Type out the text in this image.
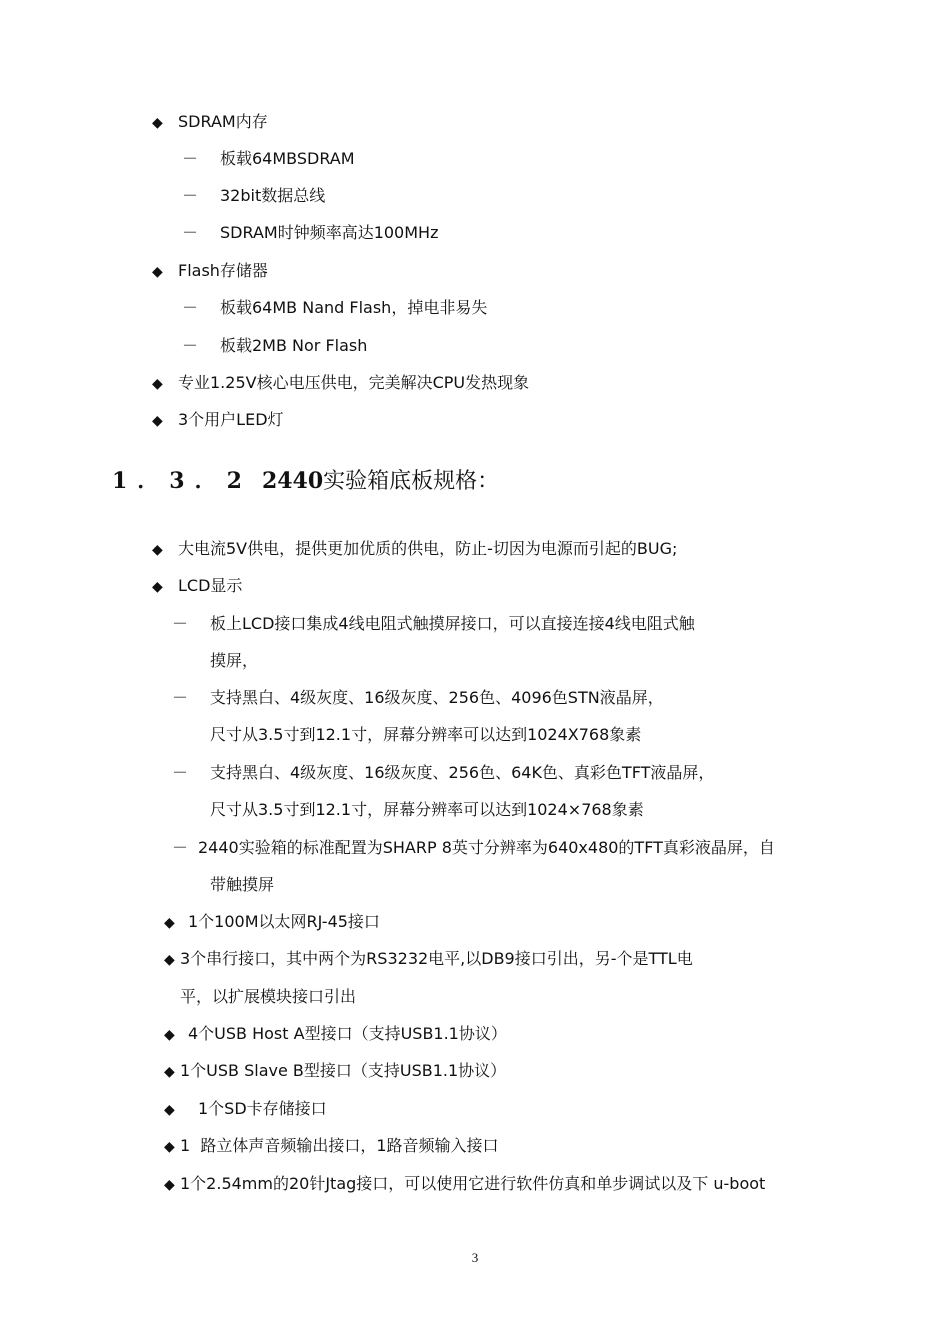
◆ SDRAM内存
－ 板载64MBSDRAM
－ 32bit数据总线
－ SDRAM时钟频率高达100MHz
◆ Flash存储器
－ 板载64MB Nand Flash，掉电非易失
－ 板载2MB Nor Flash
◆ 专业1.25V核心电压供电，完美解决CPU发热现象
◆ 3个用户LED灯
1．3．2 2440实验箱底板规格：
◆ 大电流5V供电，提供更加优质的供电，防止-切因为电源而引起的BUG;
◆ LCD显示
－ 板上LCD接口集成4线电阻式触摸屏接口，可以直接连接4线电阻式触
摸屏，
－ 支持黑白、4级灰度、16级灰度、256色、4096色STN液晶屏，
尺寸从3.5寸到12.1寸，屏幕分辨率可以达到1024X768象素
－ 支持黑白、4级灰度、16级灰度、256色、64K色、真彩色TFT液晶屏，
尺寸从3.5寸到12.1寸，屏幕分辨率可以达到1024×768象素
－ 2440实验箱的标准配置为SHARP 8英寸分辨率为640x480的TFT真彩液晶屏，自
带触摸屏
◆ 1个100M以太网RJ-45接口
◆ 3个串行接口，其中两个为RS3232电平,以DB9接口引出，另-个是TTL电
平，以扩展模块接口引出
◆ 4个USB Host A型接口（支持USB1.1协议）
◆ 1个USB Slave B型接口（支持USB1.1协议）
◆ 1个SD卡存储接口
◆ 1  路立体声音频输出接口，1路音频输入接口
◆ 1个2.54mm的20针Jtag接口，可以使用它进行软件仿真和单步调试以及下 u-boot
3
